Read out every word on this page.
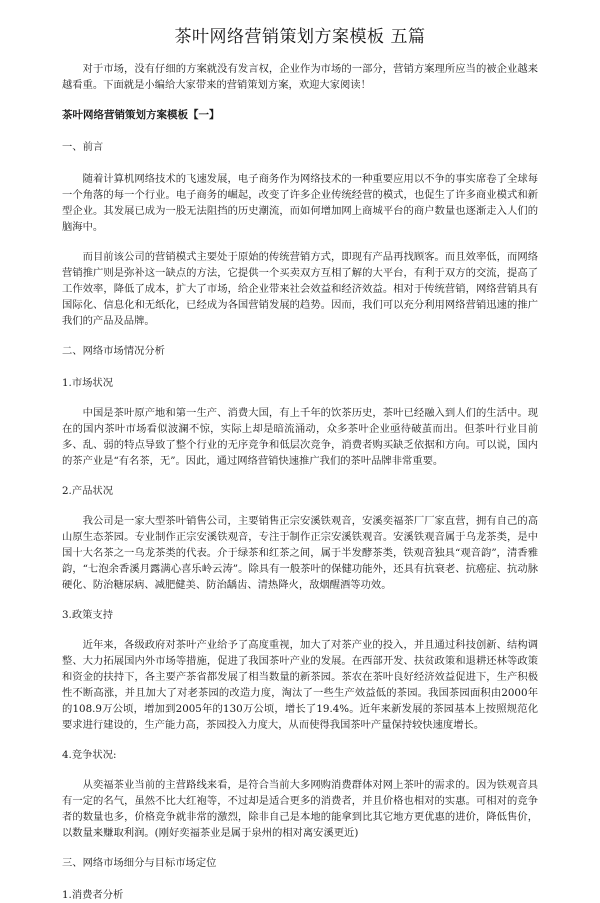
茶叶网络营销策划方案模板 五篇

对于市场，没有仔细的方案就没有发言权，企业作为市场的一部分，营销方案理所应当的被企业越来越看重。下面就是小编给大家带来的营销策划方案，欢迎大家阅读！

茶叶网络营销策划方案模板【一】

一、前言

随着计算机网络技术的飞速发展，电子商务作为网络技术的一种重要应用以不争的事实席卷了全球每一个角落的每一个行业。电子商务的崛起，改变了许多企业传统经营的模式，也促生了许多商业模式和新型企业。其发展已成为一股无法阻挡的历史潮流，而如何增加网上商城平台的商户数量也逐渐走入人们的脑海中。

而目前该公司的营销模式主要处于原始的传统营销方式，即现有产品再找顾客。而且效率低，而网络营销推广则是弥补这一缺点的方法，它提供一个买卖双方互相了解的大平台，有利于双方的交流，提高了工作效率，降低了成本，扩大了市场，给企业带来社会效益和经济效益。相对于传统营销，网络营销具有国际化、信息化和无纸化，已经成为各国营销发展的趋势。因而，我们可以充分利用网络营销迅速的推广我们的产品及品牌。

二、网络市场情况分析

1.市场状况

中国是茶叶原产地和第一生产、消费大国，有上千年的饮茶历史，茶叶已经融入到人们的生活中。现在的国内茶叶市场看似波澜不惊，实际上却是暗流涌动，众多茶叶企业亟待破茧而出。但茶叶行业目前多、乱、弱的特点导致了整个行业的无序竞争和低层次竞争，消费者购买缺乏依据和方向。可以说，国内的茶产业是“有名茶，无”。因此，通过网络营销快速推广我们的茶叶品牌非常重要。

2.产品状况

我公司是一家大型茶叶销售公司，主要销售正宗安溪铁观音，安溪奕福茶厂厂家直营，拥有自己的高山原生态茶园。专业制作正宗安溪铁观音，专注于制作正宗安溪铁观音。安溪铁观音属于乌龙茶类，是中国十大名茶之一乌龙茶类的代表。介于绿茶和红茶之间，属于半发酵茶类，铁观音独具“观音韵”，清香雅韵，“七泡余香溪月露满心喜乐岭云涛”。除具有一般茶叶的保健功能外，还具有抗衰老、抗癌症、抗动脉硬化、防治糖尿病、减肥健美、防治龋齿、清热降火，敌烟醒酒等功效。

3.政策支持

近年来，各级政府对茶叶产业给予了高度重视，加大了对茶产业的投入，并且通过科技创新、结构调整、大力拓展国内外市场等措施，促进了我国茶叶产业的发展。在西部开发、扶贫政策和退耕还林等政策和资金的扶持下，各主要产茶省都发展了相当数量的新茶园。茶农在茶叶良好经济效益促进下，生产积极性不断高涨，并且加大了对老茶园的改造力度，淘汰了一些生产效益低的茶园。我国茶园面积由2000年的108.9万公顷，增加到2005年的130万公顷，增长了19.4%。近年来新发展的茶园基本上按照规范化要求进行建设的，生产能力高，茶园投入力度大，从而使得我国茶叶产量保持较快速度增长。

4.竞争状况:

从奕福茶业当前的主营路线来看，是符合当前大多网购消费群体对网上茶叶的需求的。因为铁观音具有一定的名气，虽然不比大红袍等，不过却是适合更多的消费者，并且价格也相对的实惠。可相对的竞争者的数量也多，价格竞争就非常的激烈，除非自己是本地的能拿到比其它地方更优惠的进价，降低售价，以数量来赚取利润。(刚好奕福茶业是属于泉州的相对离安溪更近)

三、网络市场细分与目标市场定位

1.消费者分析
